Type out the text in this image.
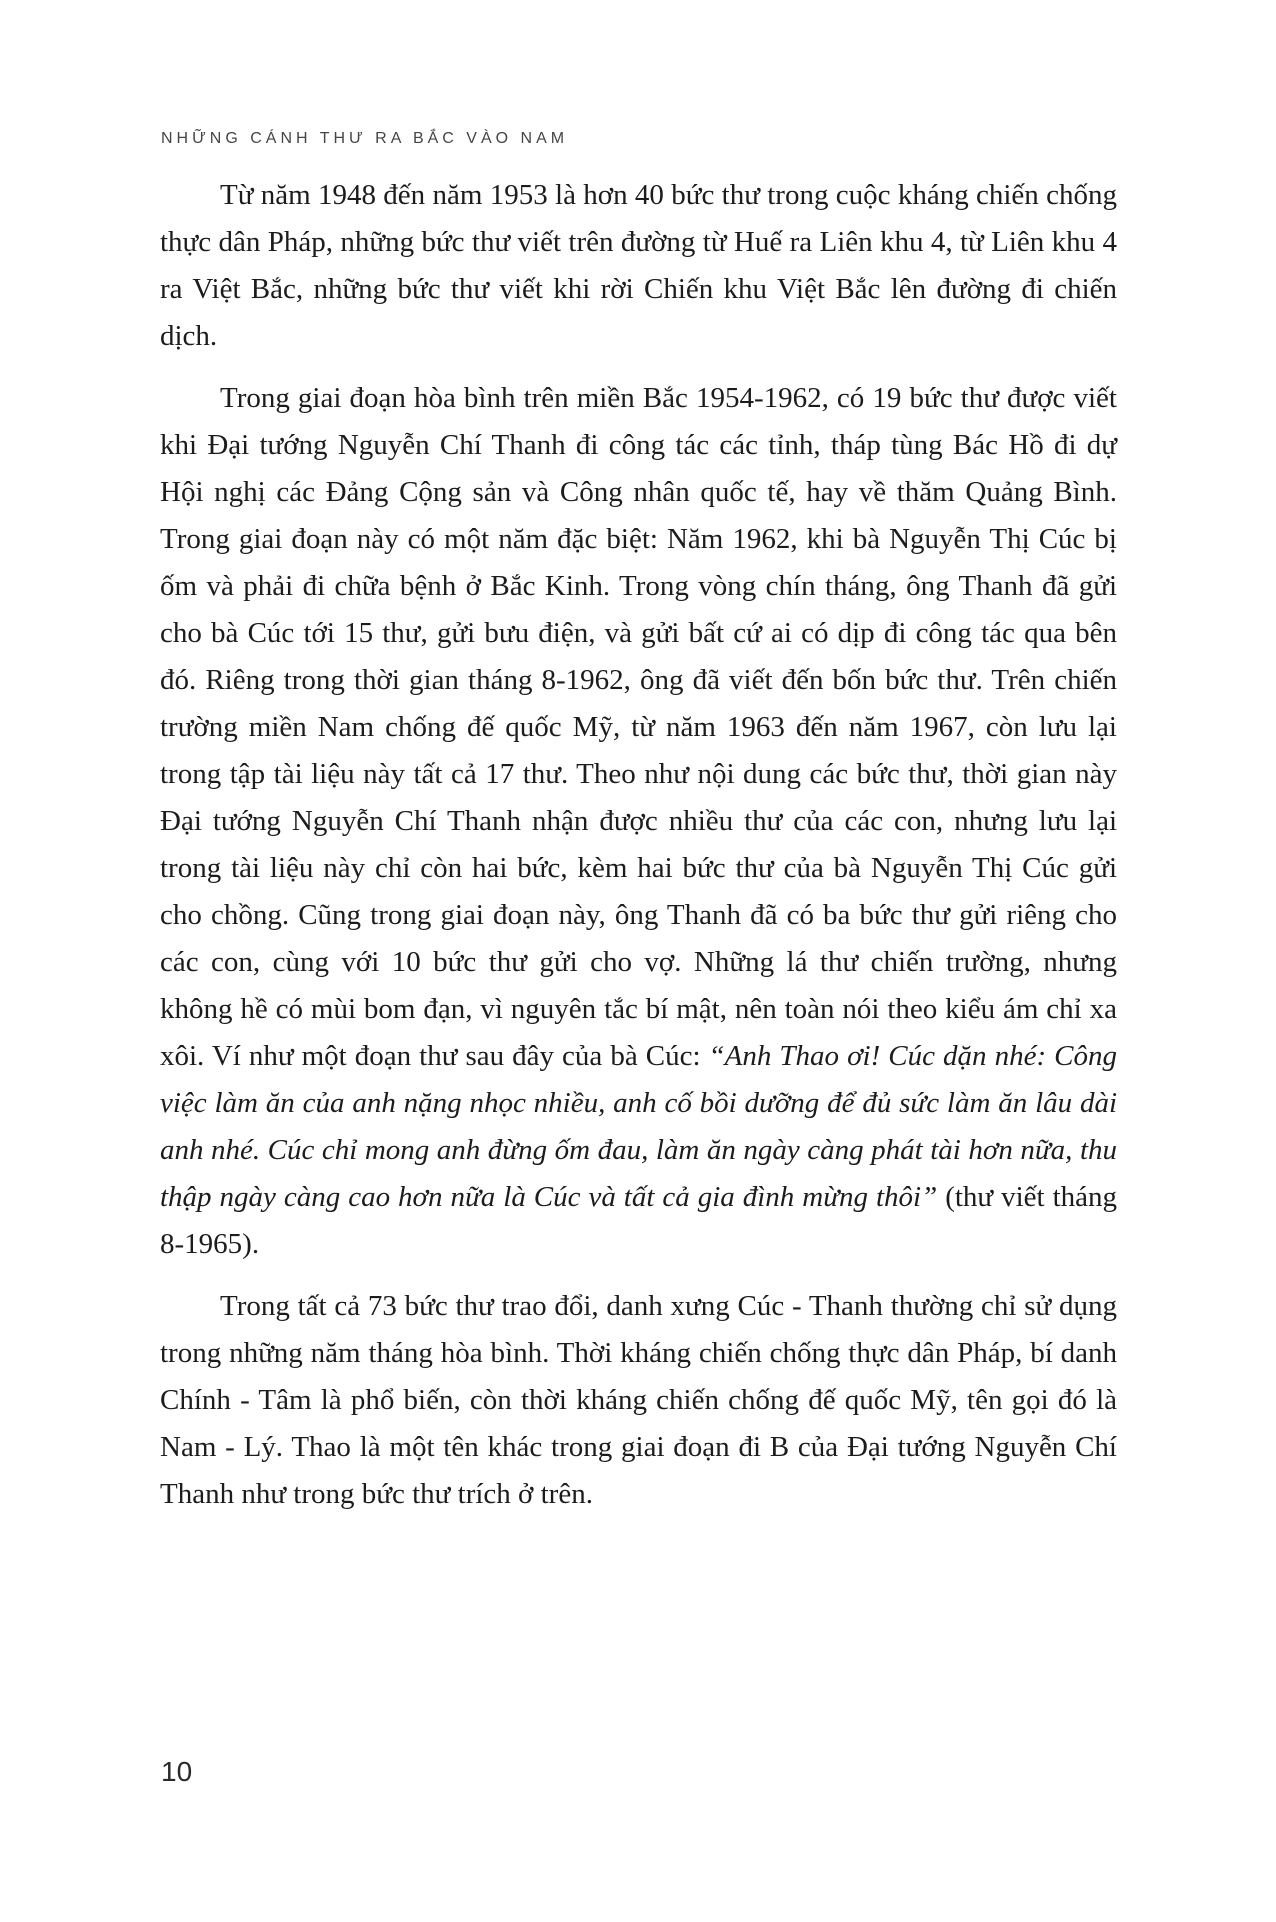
NHỮNG CÁNH THƯ RA BẮC VÀO NAM

Từ năm 1948 đến năm 1953 là hơn 40 bức thư trong cuộc kháng chiến chống thực dân Pháp, những bức thư viết trên đường từ Huế ra Liên khu 4, từ Liên khu 4 ra Việt Bắc, những bức thư viết khi rời Chiến khu Việt Bắc lên đường đi chiến dịch.

Trong giai đoạn hòa bình trên miền Bắc 1954-1962, có 19 bức thư được viết khi Đại tướng Nguyễn Chí Thanh đi công tác các tỉnh, tháp tùng Bác Hồ đi dự Hội nghị các Đảng Cộng sản và Công nhân quốc tế, hay về thăm Quảng Bình. Trong giai đoạn này có một năm đặc biệt: Năm 1962, khi bà Nguyễn Thị Cúc bị ốm và phải đi chữa bệnh ở Bắc Kinh. Trong vòng chín tháng, ông Thanh đã gửi cho bà Cúc tới 15 thư, gửi bưu điện, và gửi bất cứ ai có dịp đi công tác qua bên đó. Riêng trong thời gian tháng 8-1962, ông đã viết đến bốn bức thư. Trên chiến trường miền Nam chống đế quốc Mỹ, từ năm 1963 đến năm 1967, còn lưu lại trong tập tài liệu này tất cả 17 thư. Theo như nội dung các bức thư, thời gian này Đại tướng Nguyễn Chí Thanh nhận được nhiều thư của các con, nhưng lưu lại trong tài liệu này chỉ còn hai bức, kèm hai bức thư của bà Nguyễn Thị Cúc gửi cho chồng. Cũng trong giai đoạn này, ông Thanh đã có ba bức thư gửi riêng cho các con, cùng với 10 bức thư gửi cho vợ. Những lá thư chiến trường, nhưng không hề có mùi bom đạn, vì nguyên tắc bí mật, nên toàn nói theo kiểu ám chỉ xa xôi. Ví như một đoạn thư sau đây của bà Cúc: “Anh Thao ơi! Cúc dặn nhé: Công việc làm ăn của anh nặng nhọc nhiều, anh cố bồi dưỡng để đủ sức làm ăn lâu dài anh nhé. Cúc chỉ mong anh đừng ốm đau, làm ăn ngày càng phát tài hơn nữa, thu thập ngày càng cao hơn nữa là Cúc và tất cả gia đình mừng thôi” (thư viết tháng 8-1965).

Trong tất cả 73 bức thư trao đổi, danh xưng Cúc - Thanh thường chỉ sử dụng trong những năm tháng hòa bình. Thời kháng chiến chống thực dân Pháp, bí danh Chính - Tâm là phổ biến, còn thời kháng chiến chống đế quốc Mỹ, tên gọi đó là Nam - Lý. Thao là một tên khác trong giai đoạn đi B của Đại tướng Nguyễn Chí Thanh như trong bức thư trích ở trên.

10
